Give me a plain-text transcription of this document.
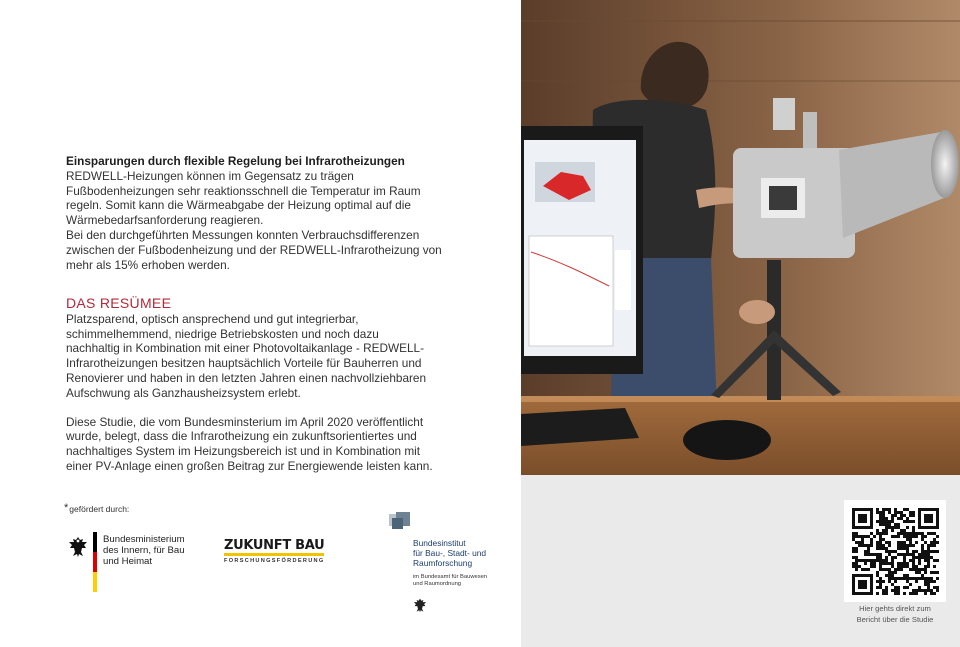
Einsparungen durch flexible Regelung bei Infrarotheizungen

REDWELL-Heizungen können im Gegensatz zu trägen

Fußbodenheizungen sehr reaktionsschnell die Temperatur im Raum

regeln. Somit kann die Wärmeabgabe der Heizung optimal auf die

Wärmebedarfsanforderung reagieren.

Bei den durchgeführten Messungen konnten Verbrauchsdifferenzen

zwischen der Fußbodenheizung und der REDWELL-Infrarotheizung von

mehr als 15% erhoben werden.

DAS RESÜMEE

Platzsparend, optisch ansprechend und gut integrierbar,
schimmelhemmend, niedrige Betriebskosten und noch dazu
nachhaltig in Kombination mit einer Photovoltaikanlage - REDWELL-
Infrarotheizungen besitzen hauptsächlich Vorteile für Bauherren und
Renovierer und haben in den letzten Jahren einen nachvollziehbaren
Aufschwung als Ganzhausheizsystem erlebt.

Diese Studie, die vom Bundesminsterium im April 2020 veröffentlicht
wurde, belegt, dass die Infrarotheizung ein zukunftsorientiertes und
nachhaltiges System im Heizungsbereich ist und in Kombination mit
einer PV-Anlage einen großen Beitrag zur Energiewende leisten kann.

*gefördert durch:
Bundesministerium
des Innern, für Bau
und Heimat
ZUKUNFT BAU
FORSCHUNGSFÖRDERUNG
Bundesinstitut
für Bau-, Stadt- und
Raumforschung
im Bundesamt für Bauwesen
und Raumordnung
Hier gehts direkt zum
Bericht über die Studie
